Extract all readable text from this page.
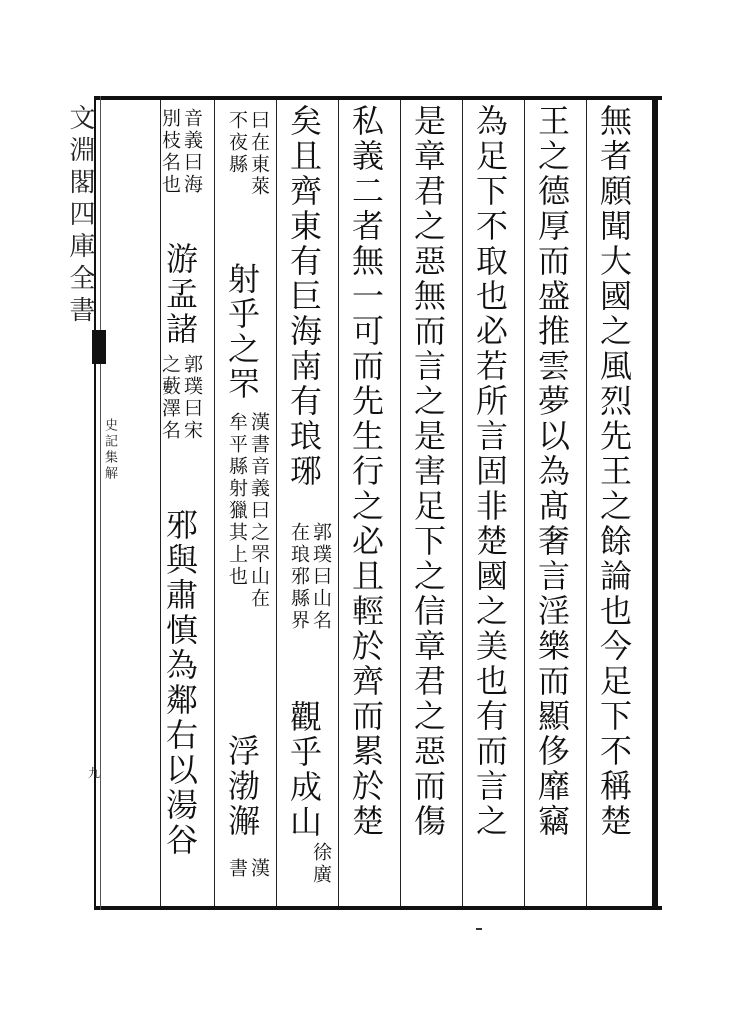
文淵閣四庫全書
史記集解
九	無者願聞大國之風烈先王之餘論也今足下不稱楚
王之德厚而盛推雲夢以為髙奢言淫樂而顯侈靡竊
為足下不取也必若所言固非楚國之美也有而言之
是章君之惡無而言之是害足下之信章君之惡而傷
私義二者無一可而先生行之必且輕於齊而累於楚
矣且齊東有巨海南有琅琊
郭璞曰山名
在琅邪縣界
觀乎成山
徐廣
曰在東萊
不夜縣
射乎之罘
漢書音義曰之罘山在
牟平縣射獵其上也
浮渤澥
漢
書
音義曰海
別枝名也
游孟諸
郭璞曰宋
之藪澤名
邪與肅慎為鄰右以湯谷
